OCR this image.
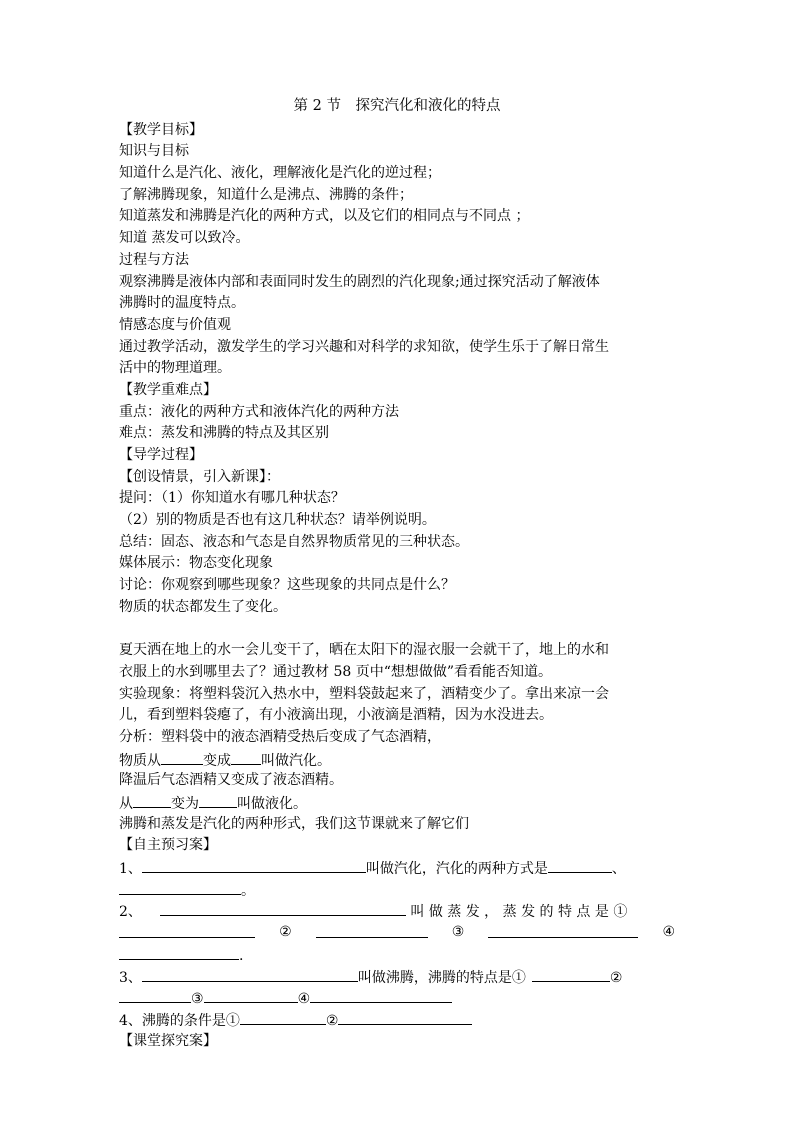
第 2 节　探究汽化和液化的特点
【教学目标】
知识与目标
知道什么是汽化、液化，理解液化是汽化的逆过程；
了解沸腾现象，知道什么是沸点、沸腾的条件；
知道蒸发和沸腾是汽化的两种方式，以及它们的相同点与不同点 ；
知道 蒸发可以致冷。
过程与方法
观察沸腾是液体内部和表面同时发生的剧烈的汽化现象;通过探究活动了解液体
沸腾时的温度特点。
情感态度与价值观
通过教学活动，激发学生的学习兴趣和对科学的求知欲，使学生乐于了解日常生
活中的物理道理。
【教学重难点】
重点：液化的两种方式和液体汽化的两种方法
难点：蒸发和沸腾的特点及其区别
【导学过程】
【创设情景，引入新课】：
提问：（1）你知道水有哪几种状态？
（2）别的物质是否也有这几种状态？请举例说明。
总结：固态、液态和气态是自然界物质常见的三种状态。
媒体展示：物态变化现象
讨论：你观察到哪些现象？这些现象的共同点是什么？
物质的状态都发生了变化。
夏天洒在地上的水一会儿变干了，晒在太阳下的湿衣服一会就干了，地上的水和
衣服上的水到哪里去了？通过教材 58 页中“想想做做”看看能否知道。
实验现象：将塑料袋沉入热水中，塑料袋鼓起来了，酒精变少了。拿出来凉一会
儿，看到塑料袋瘪了，有小液滴出现，小液滴是酒精，因为水没进去。
分析：塑料袋中的液态酒精受热后变成了气态酒精，
物质从	变成 叫做汽化。
降温后气态酒精又变成了液态酒精。
从	变为	叫做液化。
沸腾和蒸发是汽化的两种形式，我们这节课就来了解它们
【自主预习案】
1、	叫做汽化，汽化的两种方式是	、
。
2、	叫 做 蒸 发 ， 蒸 发 的 特 点 是 ①
②	③	④
.
3、	叫做沸腾，沸腾的特点是①	②
③	④
4、沸腾的条件是①	②
【课堂探究案】
